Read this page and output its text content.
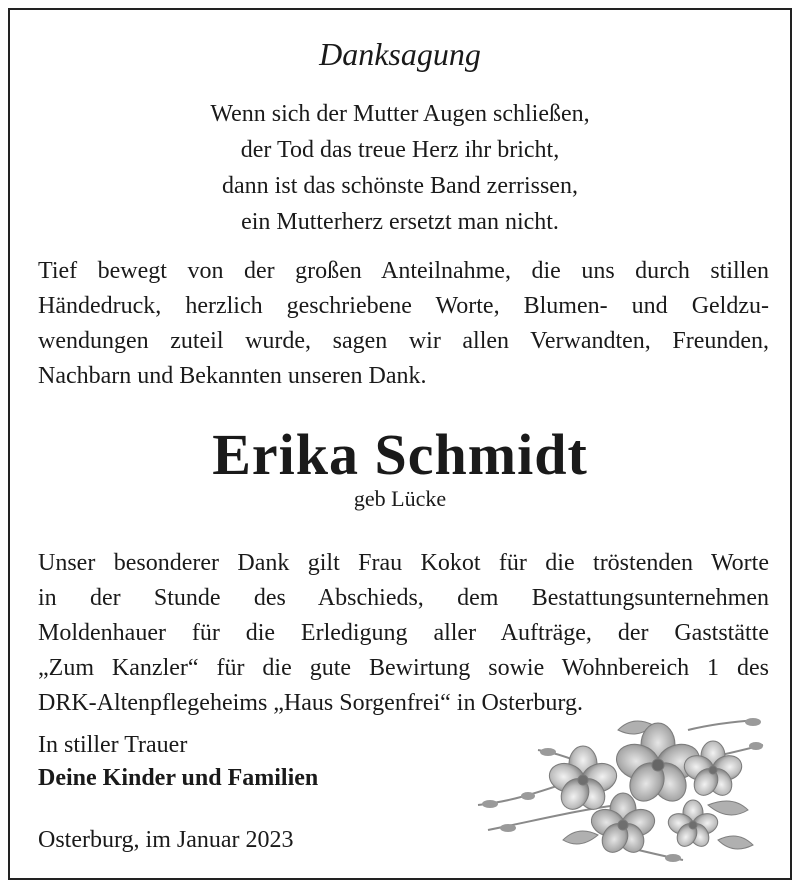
Danksagung
Wenn sich der Mutter Augen schließen,
der Tod das treue Herz ihr bricht,
dann ist das schönste Band zerrissen,
ein Mutterherz ersetzt man nicht.
Tief bewegt von der großen Anteilnahme, die uns durch stillen
Händedruck, herzlich geschriebene Worte, Blumen- und Geldzu-
wendungen zuteil wurde, sagen wir allen Verwandten, Freunden,
Nachbarn und Bekannten unseren Dank.
Erika Schmidt
geb Lücke
Unser besonderer Dank gilt Frau Kokot für die tröstenden Worte
in der Stunde des Abschieds, dem Bestattungsunternehmen
Moldenhauer für die Erledigung aller Aufträge, der Gaststätte
„Zum Kanzler“ für die gute Bewirtung sowie Wohnbereich 1 des
DRK-Altenpflegeheims „Haus Sorgenfrei“ in Osterburg.
In stiller Trauer
Deine Kinder und Familien
Osterburg, im Januar 2023
